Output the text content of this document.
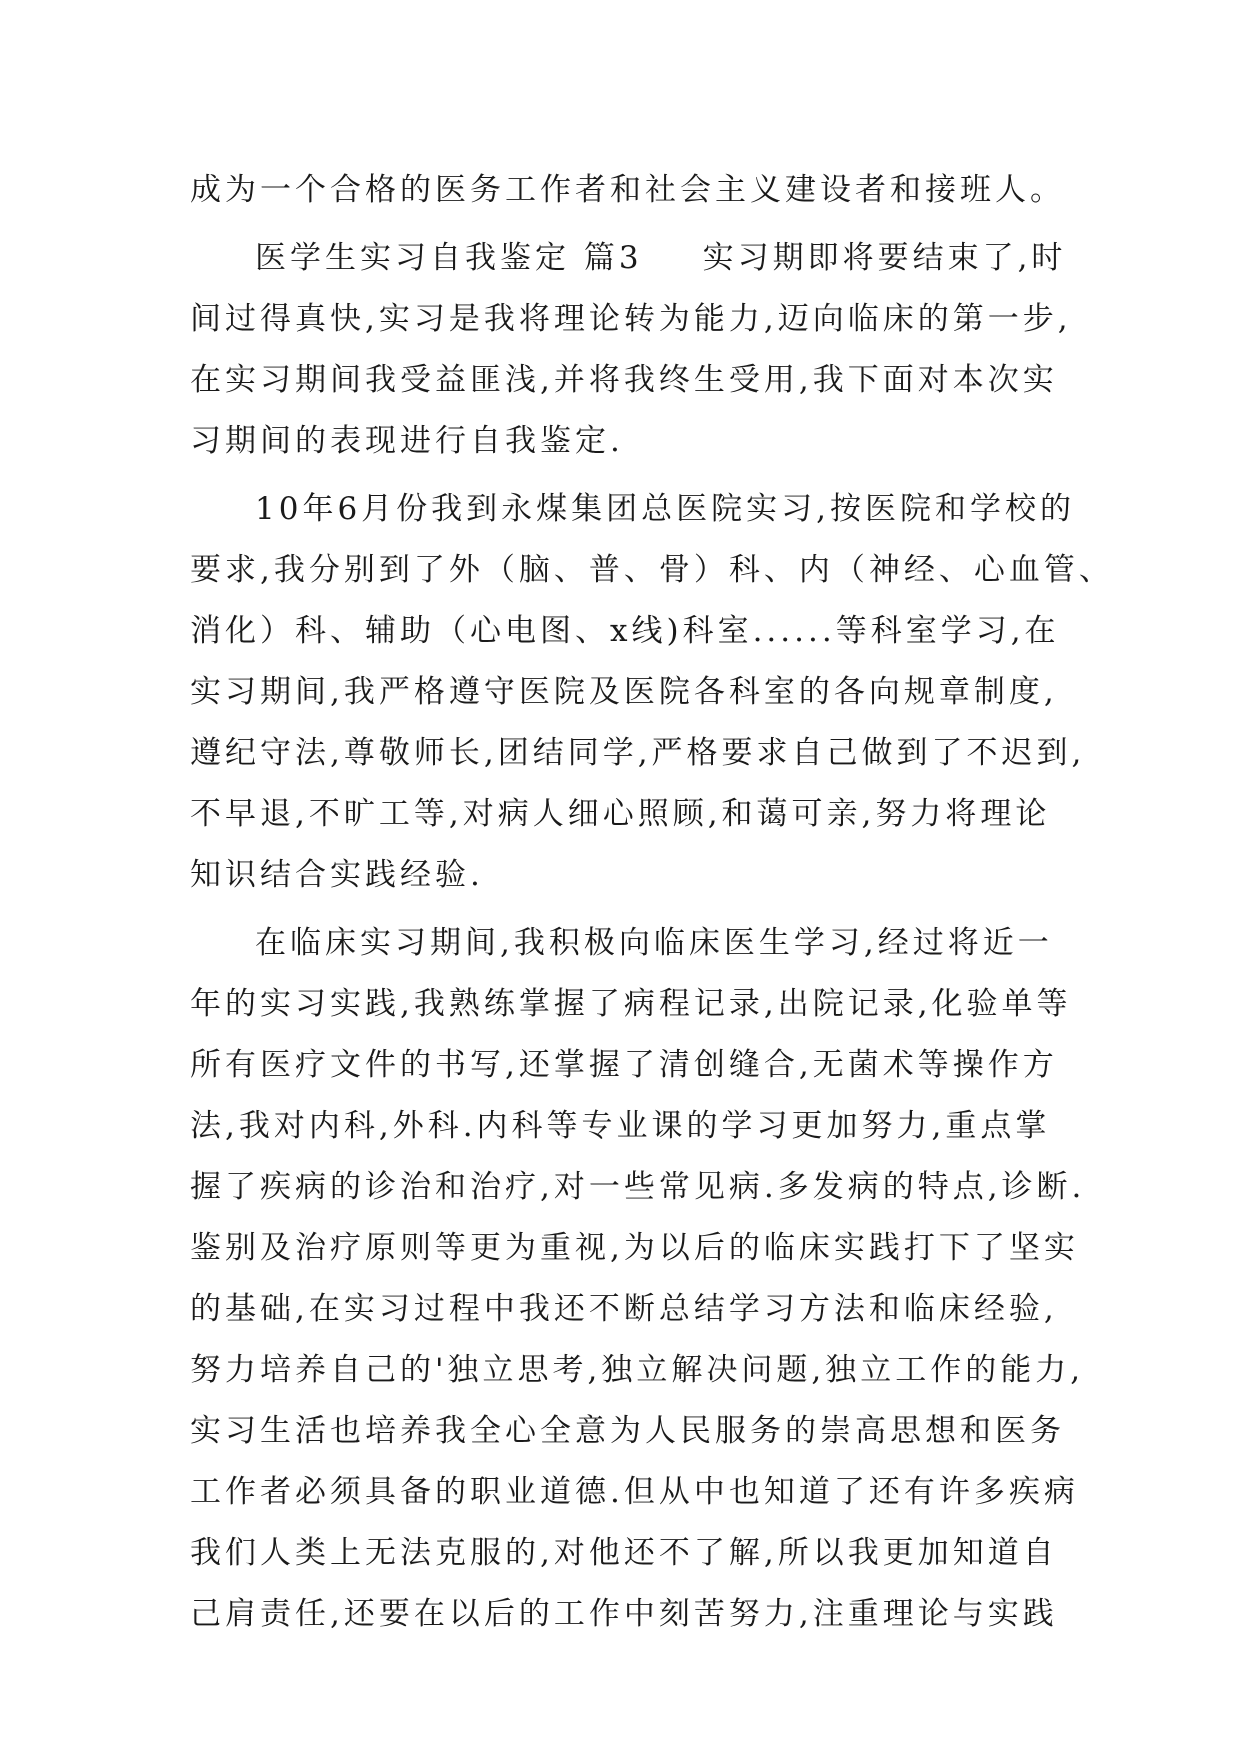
成为一个合格的医务工作者和社会主义建设者和接班人。
医学生实习自我鉴定 篇3 实习期即将要结束了,时
间过得真快,实习是我将理论转为能力,迈向临床的第一步,
在实习期间我受益匪浅,并将我终生受用,我下面对本次实
习期间的表现进行自我鉴定.
10年6月份我到永煤集团总医院实习,按医院和学校的
要求,我分别到了外（脑、普、骨）科、内（神经、心血管、
消化）科、辅助（心电图、x线)科室......等科室学习,在
实习期间,我严格遵守医院及医院各科室的各向规章制度,
遵纪守法,尊敬师长,团结同学,严格要求自己做到了不迟到,
不早退,不旷工等,对病人细心照顾,和蔼可亲,努力将理论
知识结合实践经验.
在临床实习期间,我积极向临床医生学习,经过将近一
年的实习实践,我熟练掌握了病程记录,出院记录,化验单等
所有医疗文件的书写,还掌握了清创缝合,无菌术等操作方
法,我对内科,外科.内科等专业课的学习更加努力,重点掌
握了疾病的诊治和治疗,对一些常见病.多发病的特点,诊断.
鉴别及治疗原则等更为重视,为以后的临床实践打下了坚实
的基础,在实习过程中我还不断总结学习方法和临床经验,
努力培养自己的'独立思考,独立解决问题,独立工作的能力,
实习生活也培养我全心全意为人民服务的崇高思想和医务
工作者必须具备的职业道德.但从中也知道了还有许多疾病
我们人类上无法克服的,对他还不了解,所以我更加知道自
己肩责任,还要在以后的工作中刻苦努力,注重理论与实践
